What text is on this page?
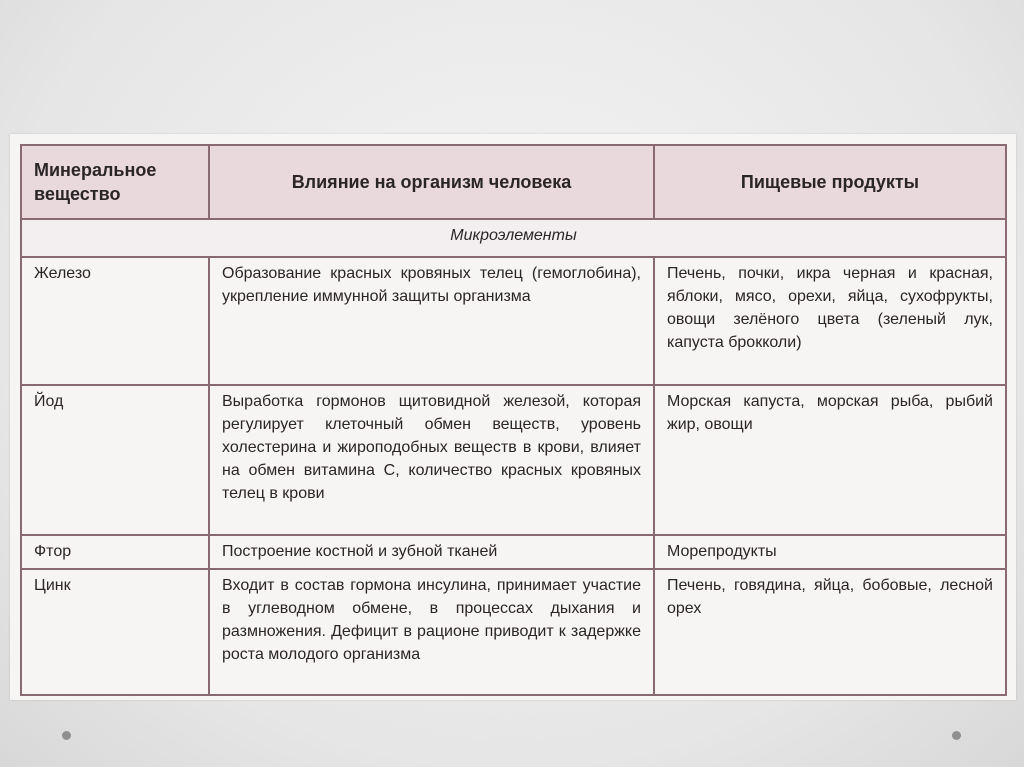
Минеральное вещество	Влияние на организм человека	Пищевые продукты
Микроэлементы		
Железо	Образование красных кровяных телец (гемоглобина), укрепление иммунной защиты организма	Печень, почки, икра черная и красная, яблоки, мясо, орехи, яйца, сухофрукты, овощи зелёного цвета (зеленый лук, капуста брокколи)
Йод	Выработка гормонов щитовидной железой, которая регулирует клеточный обмен веществ, уровень холестерина и жироподобных веществ в крови, влияет на обмен витамина С, количество красных кровяных телец в крови	Морская капуста, морская рыба, рыбий жир, овощи
Фтор	Построение костной и зубной тканей	Морепродукты
Цинк	Входит в состав гормона инсулина, принимает участие в углеводном обмене, в процессах дыхания и размножения. Дефицит в рационе приводит к задержке роста молодого организма	Печень, говядина, яйца, бобовые, лесной орех
